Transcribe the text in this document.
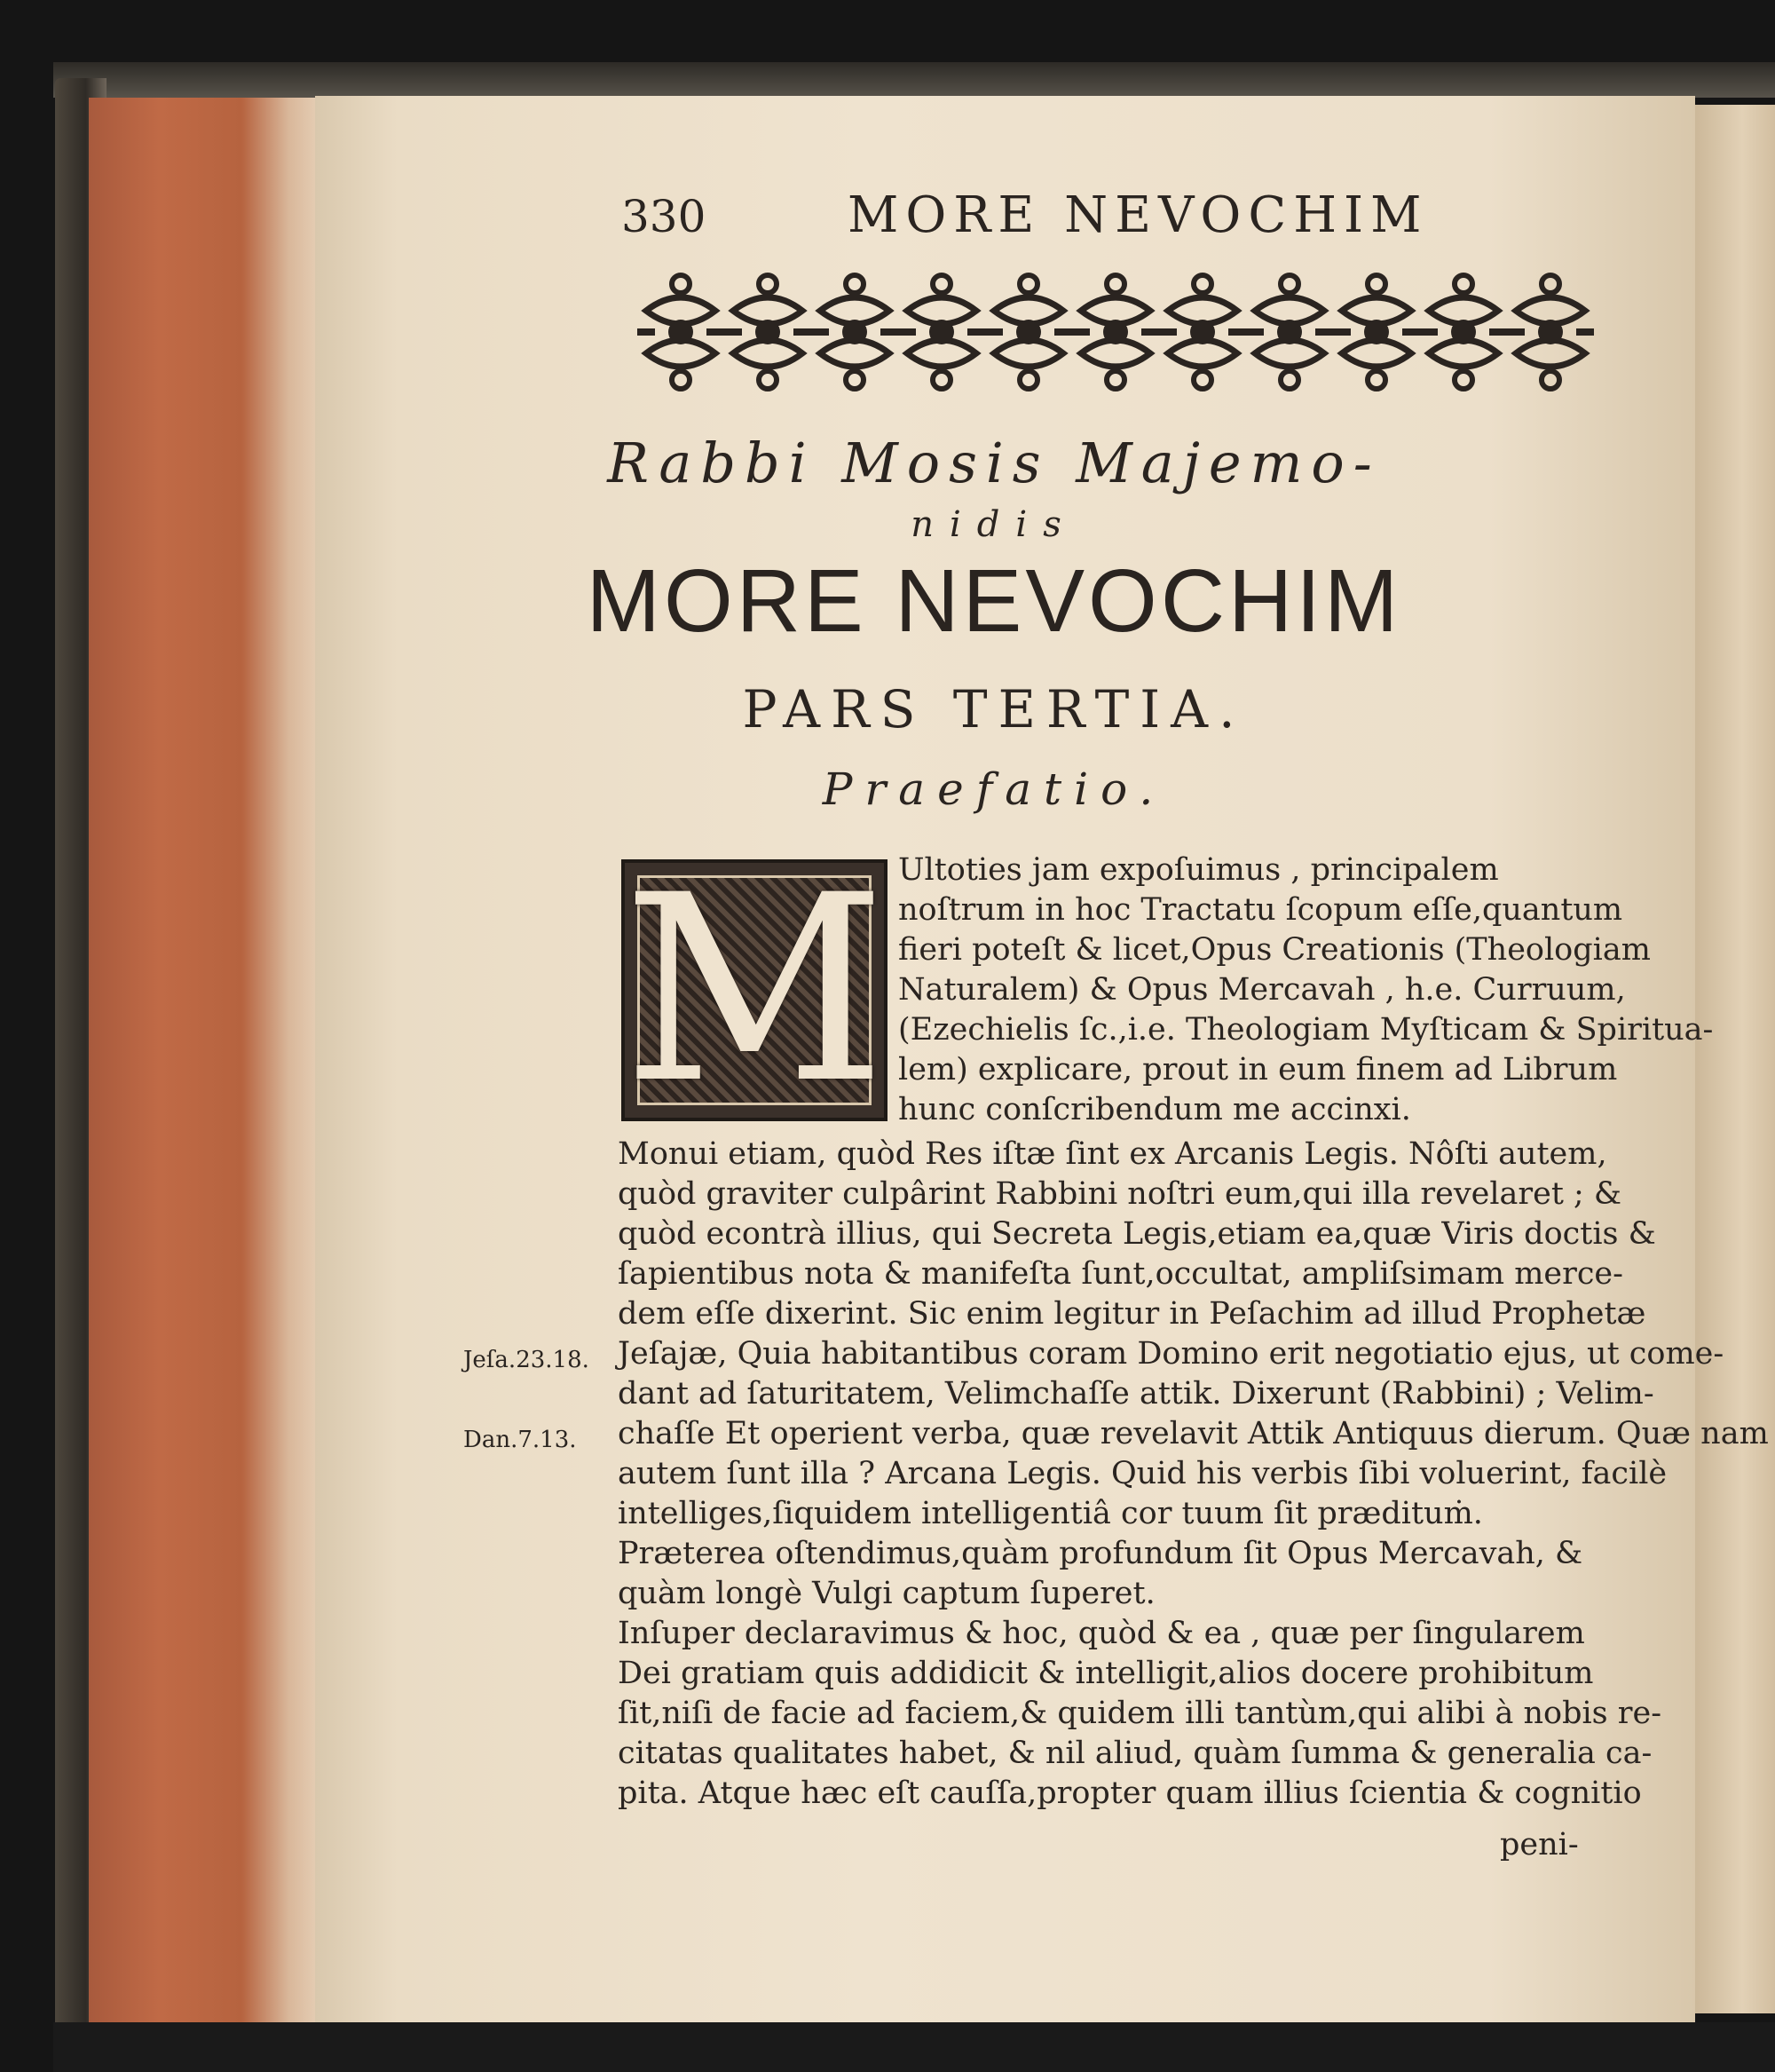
330	MORE NEVOCHIM
Rabbi Mosis Majemo-
nidis
MORE NEVOCHIM
PARS TERTIA.
Praefatio.
M Ultoties jam expoſuimus , principalem
noſtrum in hoc Tractatu ſcopum eſſe,quantum
fieri poteſt & licet,Opus Creationis (Theologiam
Naturalem) & Opus Mercavah , h.e. Curruum,
(Ezechielis ſc.,i.e. Theologiam Myſticam & Spiritua-
lem) explicare, prout in eum finem ad Librum
hunc conſcribendum me accinxi.
Monui etiam, quòd Res iſtæ ſint ex Arcanis Legis. Nôſti autem,
quòd graviter culpârint Rabbini noſtri eum,qui illa revelaret ; &
quòd econtrà illius, qui Secreta Legis,etiam ea,quæ Viris doctis &
ſapientibus nota & manifeſta ſunt,occultat, ampliſsimam merce-
dem eſſe dixerint. Sic enim legitur in Peſachim ad illud Prophetæ
Jeſajæ, Quia habitantibus coram Domino erit negotiatio ejus, ut come-
dant ad ſaturitatem, Velimchaſſe attik. Dixerunt (Rabbini) ; Velim-
chaſſe Et operient verba, quæ revelavit Attik Antiquus dierum. Quæ nam
autem ſunt illa ? Arcana Legis. Quid his verbis ſibi voluerint, facilè
intelliges,ſiquidem intelligentiâ cor tuum ſit prædituṁ.
Præterea oſtendimus,quàm profundum ſit Opus Mercavah, &
quàm longè Vulgi captum ſuperet.
Inſuper declaravimus & hoc, quòd & ea , quæ per ſingularem
Dei gratiam quis addidicit & intelligit,alios docere prohibitum
ſit,niſi de facie ad faciem,& quidem illi tantùm,qui alibi à nobis re-
citatas qualitates habet, & nil aliud, quàm ſumma & generalia ca-
pita. Atque hæc eſt cauſſa,propter quam illius ſcientia & cognitio
peni-
Jeſa.23.18.
Dan.7.13.
